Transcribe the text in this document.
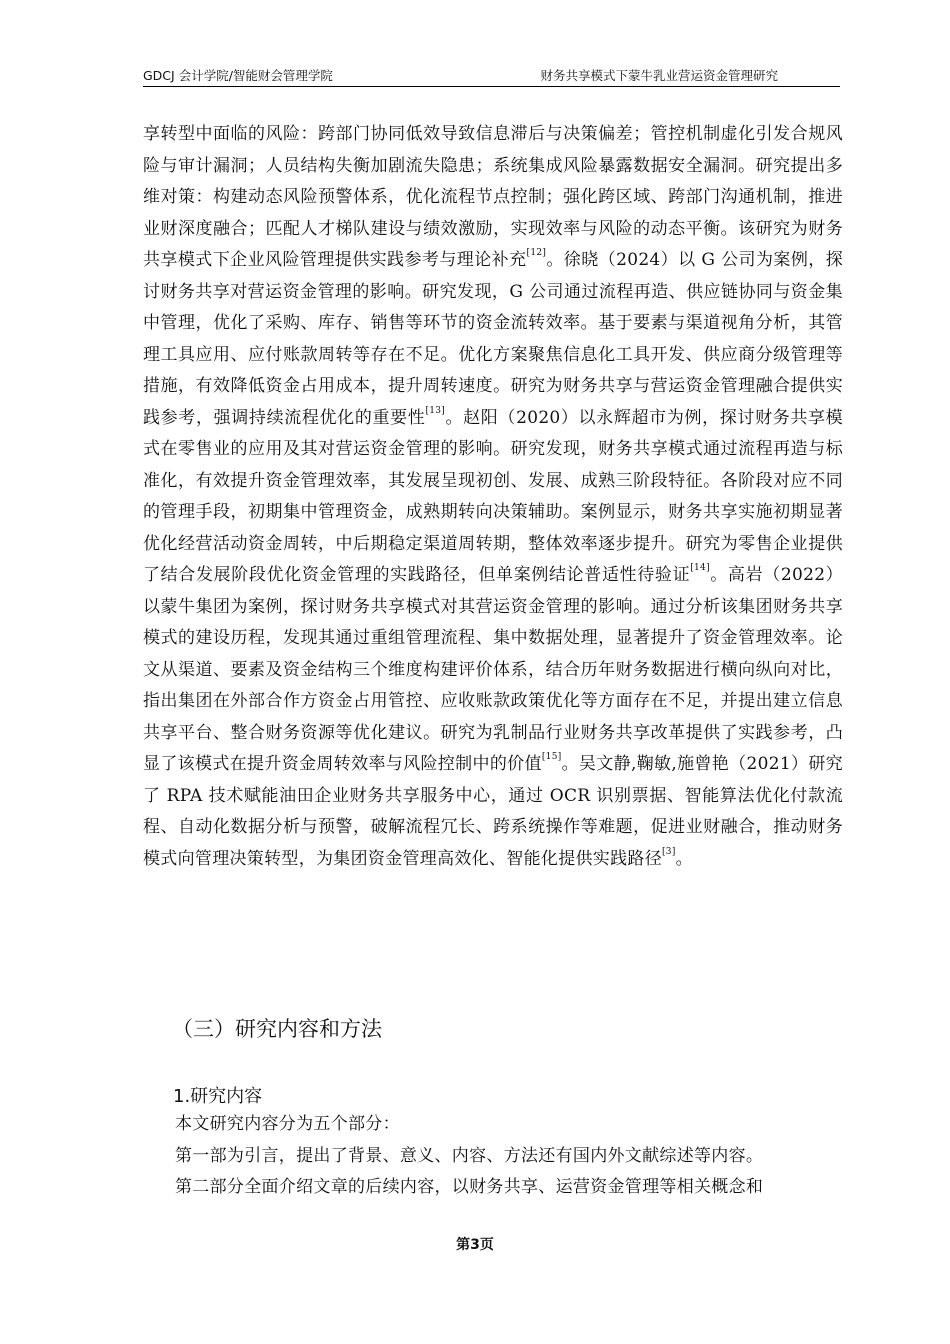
GDCJ 会计学院/智能财会管理学院	财务共享模式下蒙牛乳业营运资金管理研究

享转型中面临的风险：跨部门协同低效导致信息滞后与决策偏差；管控机制虚化引发合规风险与审计漏洞；人员结构失衡加剧流失隐患；系统集成风险暴露数据安全漏洞。研究提出多维对策：构建动态风险预警体系，优化流程节点控制；强化跨区域、跨部门沟通机制，推进业财深度融合；匹配人才梯队建设与绩效激励，实现效率与风险的动态平衡。该研究为财务共享模式下企业风险管理提供实践参考与理论补充[12]。徐晓（2024）以 G 公司为案例，探讨财务共享对营运资金管理的影响。研究发现，G 公司通过流程再造、供应链协同与资金集中管理，优化了采购、库存、销售等环节的资金流转效率。基于要素与渠道视角分析，其管理工具应用、应付账款周转等存在不足。优化方案聚焦信息化工具开发、供应商分级管理等措施，有效降低资金占用成本，提升周转速度。研究为财务共享与营运资金管理融合提供实践参考，强调持续流程优化的重要性[13]。赵阳（2020）以永辉超市为例，探讨财务共享模式在零售业的应用及其对营运资金管理的影响。研究发现，财务共享模式通过流程再造与标准化，有效提升资金管理效率，其发展呈现初创、发展、成熟三阶段特征。各阶段对应不同的管理手段，初期集中管理资金，成熟期转向决策辅助。案例显示，财务共享实施初期显著优化经营活动资金周转，中后期稳定渠道周转期，整体效率逐步提升。研究为零售企业提供了结合发展阶段优化资金管理的实践路径，但单案例结论普适性待验证[14]。高岩（2022）以蒙牛集团为案例，探讨财务共享模式对其营运资金管理的影响。通过分析该集团财务共享模式的建设历程，发现其通过重组管理流程、集中数据处理，显著提升了资金管理效率。论文从渠道、要素及资金结构三个维度构建评价体系，结合历年财务数据进行横向纵向对比，指出集团在外部合作方资金占用管控、应收账款政策优化等方面存在不足，并提出建立信息共享平台、整合财务资源等优化建议。研究为乳制品行业财务共享改革提供了实践参考，凸显了该模式在提升资金周转效率与风险控制中的价值[15]。吴文静,鞠敏,施曾艳（2021）研究了 RPA 技术赋能油田企业财务共享服务中心，通过 OCR 识别票据、智能算法优化付款流程、自动化数据分析与预警，破解流程冗长、跨系统操作等难题，促进业财融合，推动财务模式向管理决策转型，为集团资金管理高效化、智能化提供实践路径[3]。

（三）研究内容和方法
1.研究内容

本文研究内容分为五个部分：

第一部为引言，提出了背景、意义、内容、方法还有国内外文献综述等内容。

第二部分全面介绍文章的后续内容，以财务共享、运营资金管理等相关概念和

第3页
